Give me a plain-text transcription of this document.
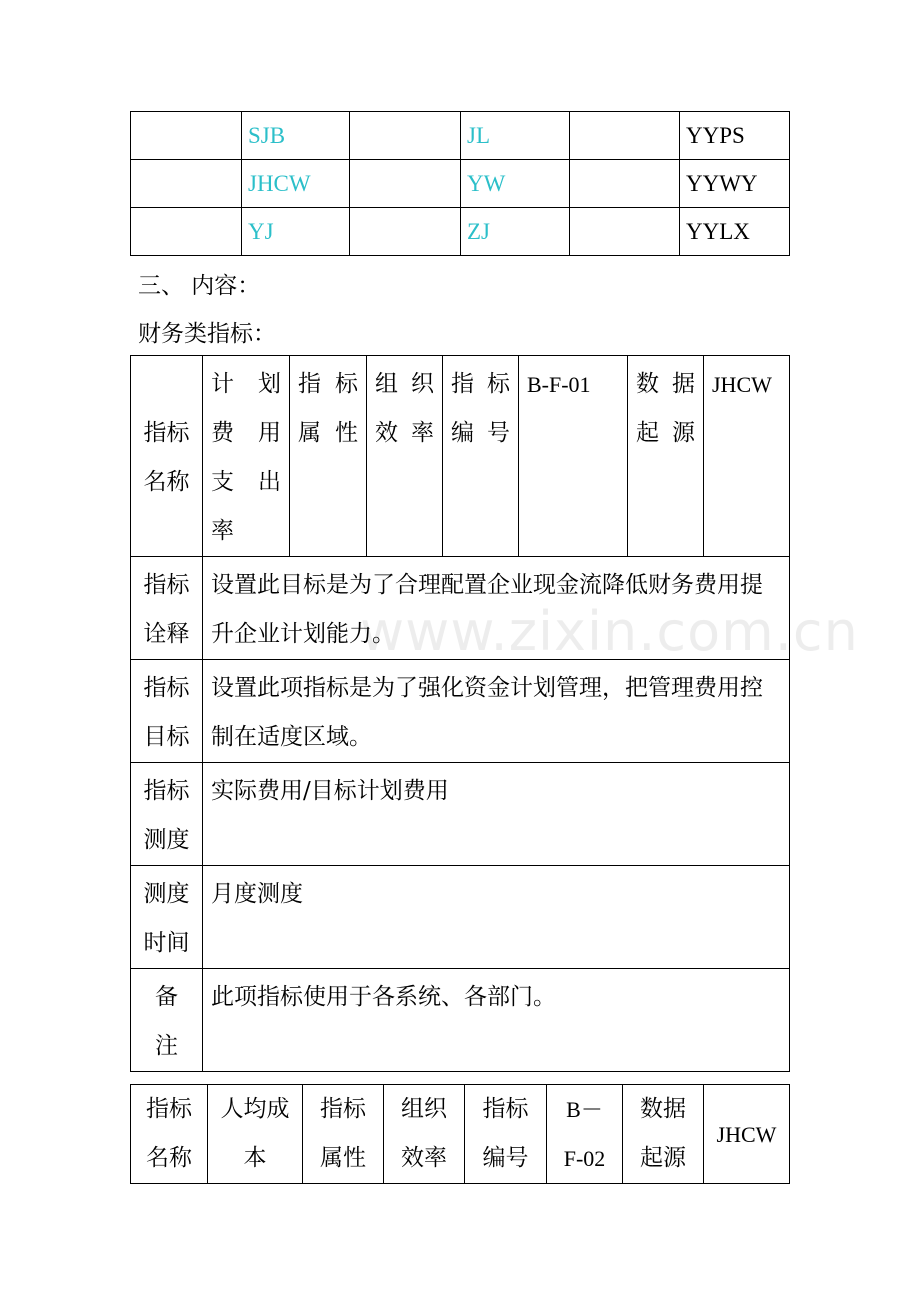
	SJB		JL		YYPS
	JHCW		YW		YYWY
	YJ		ZJ		YYLX
三、 内容：
财务类指标：
指标名称	计 划 费 用 支 出 率	指 标 属性	组 织 效率	指 标 编号	B-F-01	数 据 起源	JHCW
指标诠释	设置此目标是为了合理配置企业现金流降低财务费用提升企业计划能力。						
指标目标	设置此项指标是为了强化资金计划管理，把管理费用控制在适度区域。						
指标测度	实际费用/目标计划费用						
测度时间	月度测度						
备　注	此项指标使用于各系统、各部门。						
指标名称	人均成本	指标属性	组织效率	指标编号	B－F-02	数据起源	JHCW
www.zixin.com.cn
